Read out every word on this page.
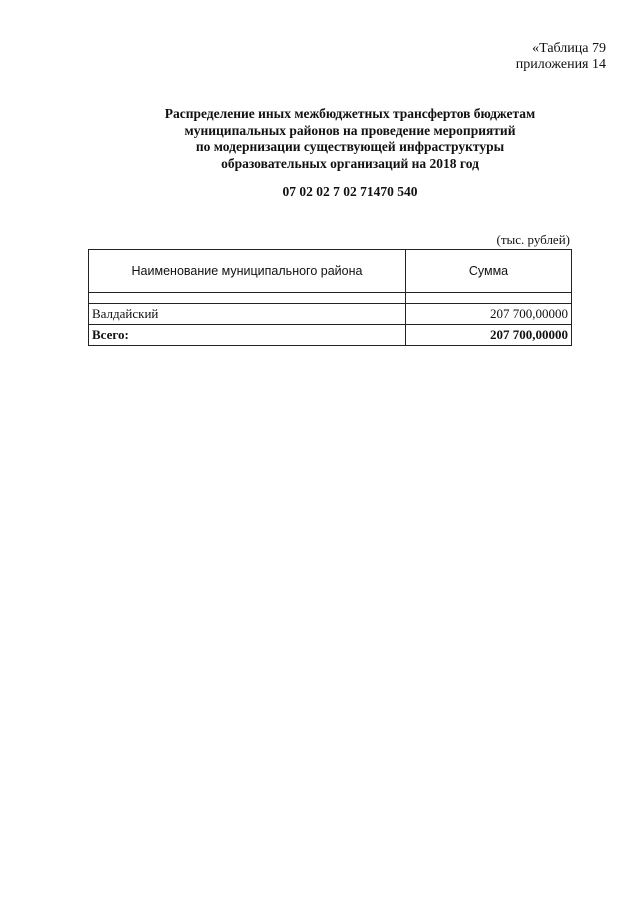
«Таблица 79
приложения 14
Распределение иных межбюджетных трансфертов бюджетам
муниципальных районов на проведение мероприятий
по модернизации существующей инфраструктуры
образовательных организаций на 2018 год
07 02 02 7 02 71470 540
(тыс. рублей)
Наименование муниципального района	Сумма

Валдайский	207 700,00000
Всего:	207 700,00000
